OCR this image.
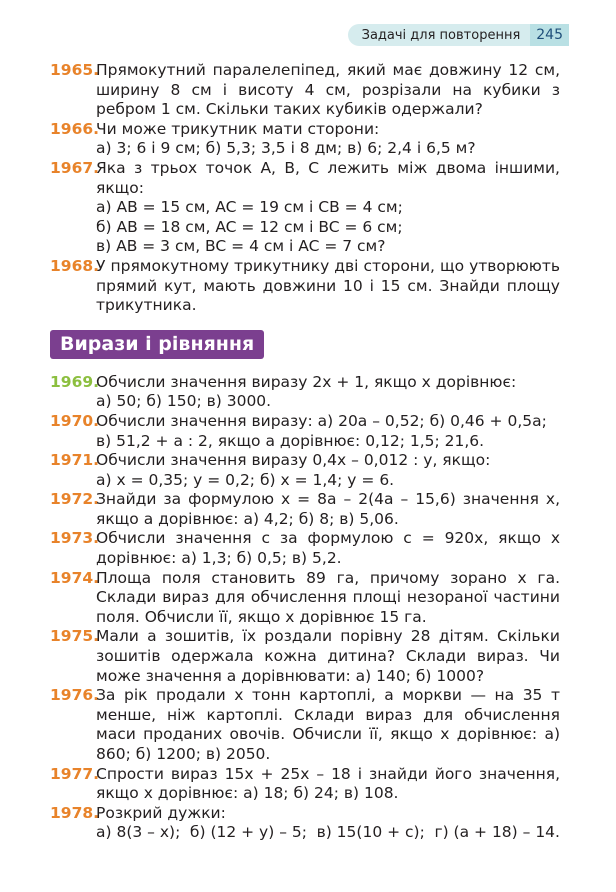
Задачі для повторення	245
1965.
Прямокутний паралелепіпед, який має довжину 12 см, ширину 8 см і висоту 4 см, розрізали на кубики з ребром 1 см. Скільки таких кубиків одержали?
1966.
Чи може трикутник мати сторони:
а) 3; 6 і 9 см; б) 5,3; 3,5 і 8 дм; в) 6; 2,4 і 6,5 м?
1967.
Яка з трьох точок A, B, C лежить між двома іншими, якщо:
а) AB = 15 см, AC = 19 см і CB = 4 см;
б) AB = 18 см, AC = 12 см і BC = 6 см;
в) AB = 3 см, BC = 4 см і AC = 7 см?
1968.
У прямокутному трикутнику дві сторони, що утворюють прямий кут, мають довжини 10 і 15 см. Знайди площу трикутника.
Вирази і рівняння
1969.
Обчисли значення виразу 2x + 1, якщо x дорівнює:
а) 50; б) 150; в) 3000.
1970.
Обчисли значення виразу: а) 20a – 0,52; б) 0,46 + 0,5a;
в) 51,2 + a : 2, якщо a дорівнює: 0,12; 1,5; 21,6.
1971.
Обчисли значення виразу 0,4x – 0,012 : y, якщо:
а) x = 0,35; y = 0,2; б) x = 1,4; y = 6.
1972.
Знайди за формулою x = 8a – 2(4a – 15,6) значення x, якщо a дорівнює: а) 4,2; б) 8; в) 5,06.
1973.
Обчисли значення c за формулою c = 920x, якщо x дорівнює: а) 1,3; б) 0,5; в) 5,2.
1974.
Площа поля становить 89 га, причому зорано x га. Склади вираз для обчислення площі незораної частини поля. Обчисли її, якщо x дорівнює 15 га.
1975.
Мали a зошитів, їх роздали порівну 28 дітям. Скільки зошитів одержала кожна дитина? Склади вираз. Чи може значення a дорівнювати: а) 140; б) 1000?
1976.
За рік продали x тонн картоплі, а моркви — на 35 т менше, ніж картоплі. Склади вираз для обчислення маси проданих овочів. Обчисли її, якщо x дорівнює: а) 860; б) 1200; в) 2050.
1977.
Спрости вираз 15x + 25x – 18 і знайди його значення, якщо x дорівнює: а) 18; б) 24; в) 108.
1978.
Розкрий дужки:
а) 8(3 – x); б) (12 + y) – 5; в) 15(10 + c); г) (a + 18) – 14.
